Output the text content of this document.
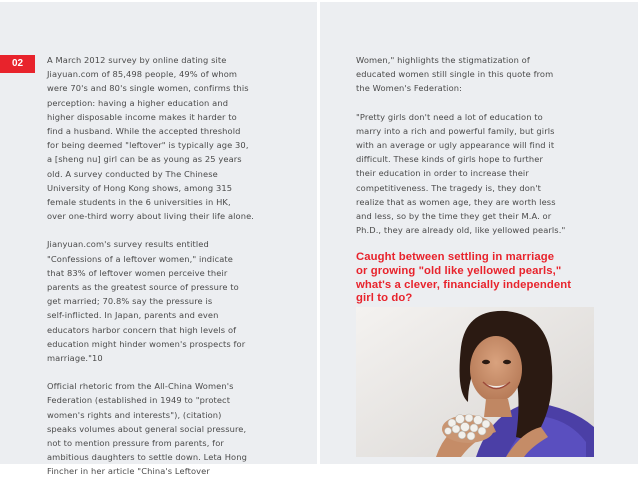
02	A March 2012 survey by online dating site
Jiayuan.com of 85,498 people, 49% of whom
were 70's and 80's single women, confirms this
perception: having a higher education and
higher disposable income makes it harder to
find a husband. While the accepted threshold
for being deemed "leftover" is typically age 30,
a [sheng nu] girl can be as young as 25 years
old. A survey conducted by The Chinese
University of Hong Kong shows, among 315
female students in the 6 universities in HK,
over one-third worry about living their life alone.

Jianyuan.com's survey results entitled
"Confessions of a leftover women," indicate
that 83% of leftover women perceive their
parents as the greatest source of pressure to
get married; 70.8% say the pressure is
self-inflicted. In Japan, parents and even
educators harbor concern that high levels of
education might hinder women's prospects for
marriage."10

Official rhetoric from the All-China Women's
Federation (established in 1949 to "protect
women's rights and interests"), (citation)
speaks volumes about general social pressure,
not to mention pressure from parents, for
ambitious daughters to settle down. Leta Hong
Fincher in her article "China's Leftover

Women," highlights the stigmatization of
educated women still single in this quote from
the Women's Federation:

"Pretty girls don't need a lot of education to
marry into a rich and powerful family, but girls
with an average or ugly appearance will find it
difficult. These kinds of girls hope to further
their education in order to increase their
competitiveness. The tragedy is, they don't
realize that as women age, they are worth less
and less, so by the time they get their M.A. or
Ph.D., they are already old, like yellowed pearls."

Caught between settling in marriage
or growing "old like yellowed pearls,"
what's a clever, financially independent
girl to do?
